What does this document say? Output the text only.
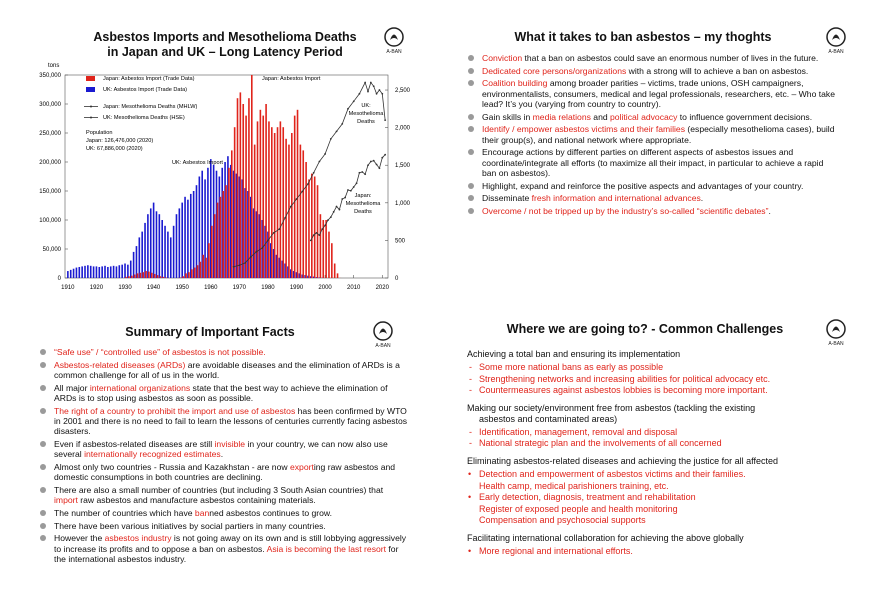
Asbestos Imports and Mesothelioma Deaths
in Japan and UK – Long Latency Period	A-BAN
tons
0
50,000
100,000
150,000
200,000
250,000
300,000
350,000
0
500
1,000
1,500
2,000
2,500
1910	1920	1930	1940	1950	1960	1970	1980	1990	2000	2010	2020
Japan: Asbestos Import (Trade Data)
UK: Asbestos Import (Trade Data)
Japan: Mesothelioma Deaths (MHLW)
UK: Mesothelioma Deaths (HSE)
Population
Japan: 126,476,000 (2020)
UK: 67,886,000 (2020)
Japan: Asbestos Import
UK: Asbestos Import
UK:
Mesothelioma
Deaths
Japan:
Mesothelioma
Deaths
What it takes to ban asbestos – my thoghts
A-BAN
Conviction that a ban on asbestos could save an enormous number of lives in the future.
Dedicated core persons/organizations with a strong will to achieve a ban on asbestos.
Coalition building among broader parities – victims, trade unions, OSH campaigners, environmentalists, consumers, medical and legal professionals, researchers, etc. – Who take lead? It’s you (varying from country to country).
Gain skills in media relations and political advocacy to influence government decisions.
Identify / empower asbestos victims and their families (especially mesothelioma cases), build their group(s), and national network where appropriate.
Encourage actions by different parties on different aspects of asbestos issues and coordinate/integrate all efforts (to maximize all their impact, in particular to achieve a rapid ban on asbestos).
Highlight, expand and reinforce the positive aspects and advantages of your country.
Disseminate fresh information and international advances.
Overcome / not be tripped up by the industry’s so-called “scientific debates”.
Summary of Important Facts
A-BAN
“Safe use” / “controlled use” of asbestos is not possible.
Asbestos-related diseases (ARDs) are avoidable diseases and the elimination of ARDs is a common challenge for all of us in the world.
All major international organizations state that the best way to achieve the elimination of ARDs is to stop using asbestos as soon as possible.
The right of a country to prohibit the import and use of asbestos has been confirmed by WTO in 2001 and there is no need to fail to learn the lessons of centuries currently facing asbestos disasters.
Even if asbestos-related diseases are still invisible in your country, we can now also use several internationally recognized estimates.
Almost only two countries - Russia and Kazakhstan - are now exporting raw asbestos and domestic consumptions in both countries are declining.
There are also a small number of countries (but including 3 South Asian countries) that import raw asbestos and manufacture asbestos containing materials.
The number of countries which have banned asbestos continues to grow.
There have been various initiatives by social partiers in many countries.
However the asbestos industry is not going away on its own and is still lobbying aggressively to increase its profits and to oppose a ban on asbestos. Asia is becoming the last resort for the international asbestos industry.
Where we are going to? - Common Challenges
A-BAN

Achieving a total ban and ensuring its implementation

- Some more national bans as early as possible
- Strengthening networks and increasing abilities for political advocacy etc.
- Countermeasures against asbestos lobbies is becoming more important.

Making our society/environment free from asbestos (tackling the existing

asbestos and contaminated areas)

- Identification, management, removal and disposal
- National strategic plan and the involvements of all concerned

Eliminating asbestos-related diseases and achieving the justice for all affected

• Detection and empowerment of asbestos victims and their families.
Health camp, medical parishioners training, etc.
• Early detection, diagnosis, treatment and rehabilitation
Register of exposed people and health monitoring
Compensation and psychosocial supports

Facilitating international collaboration for achieving the above globally

• More regional and international efforts.
